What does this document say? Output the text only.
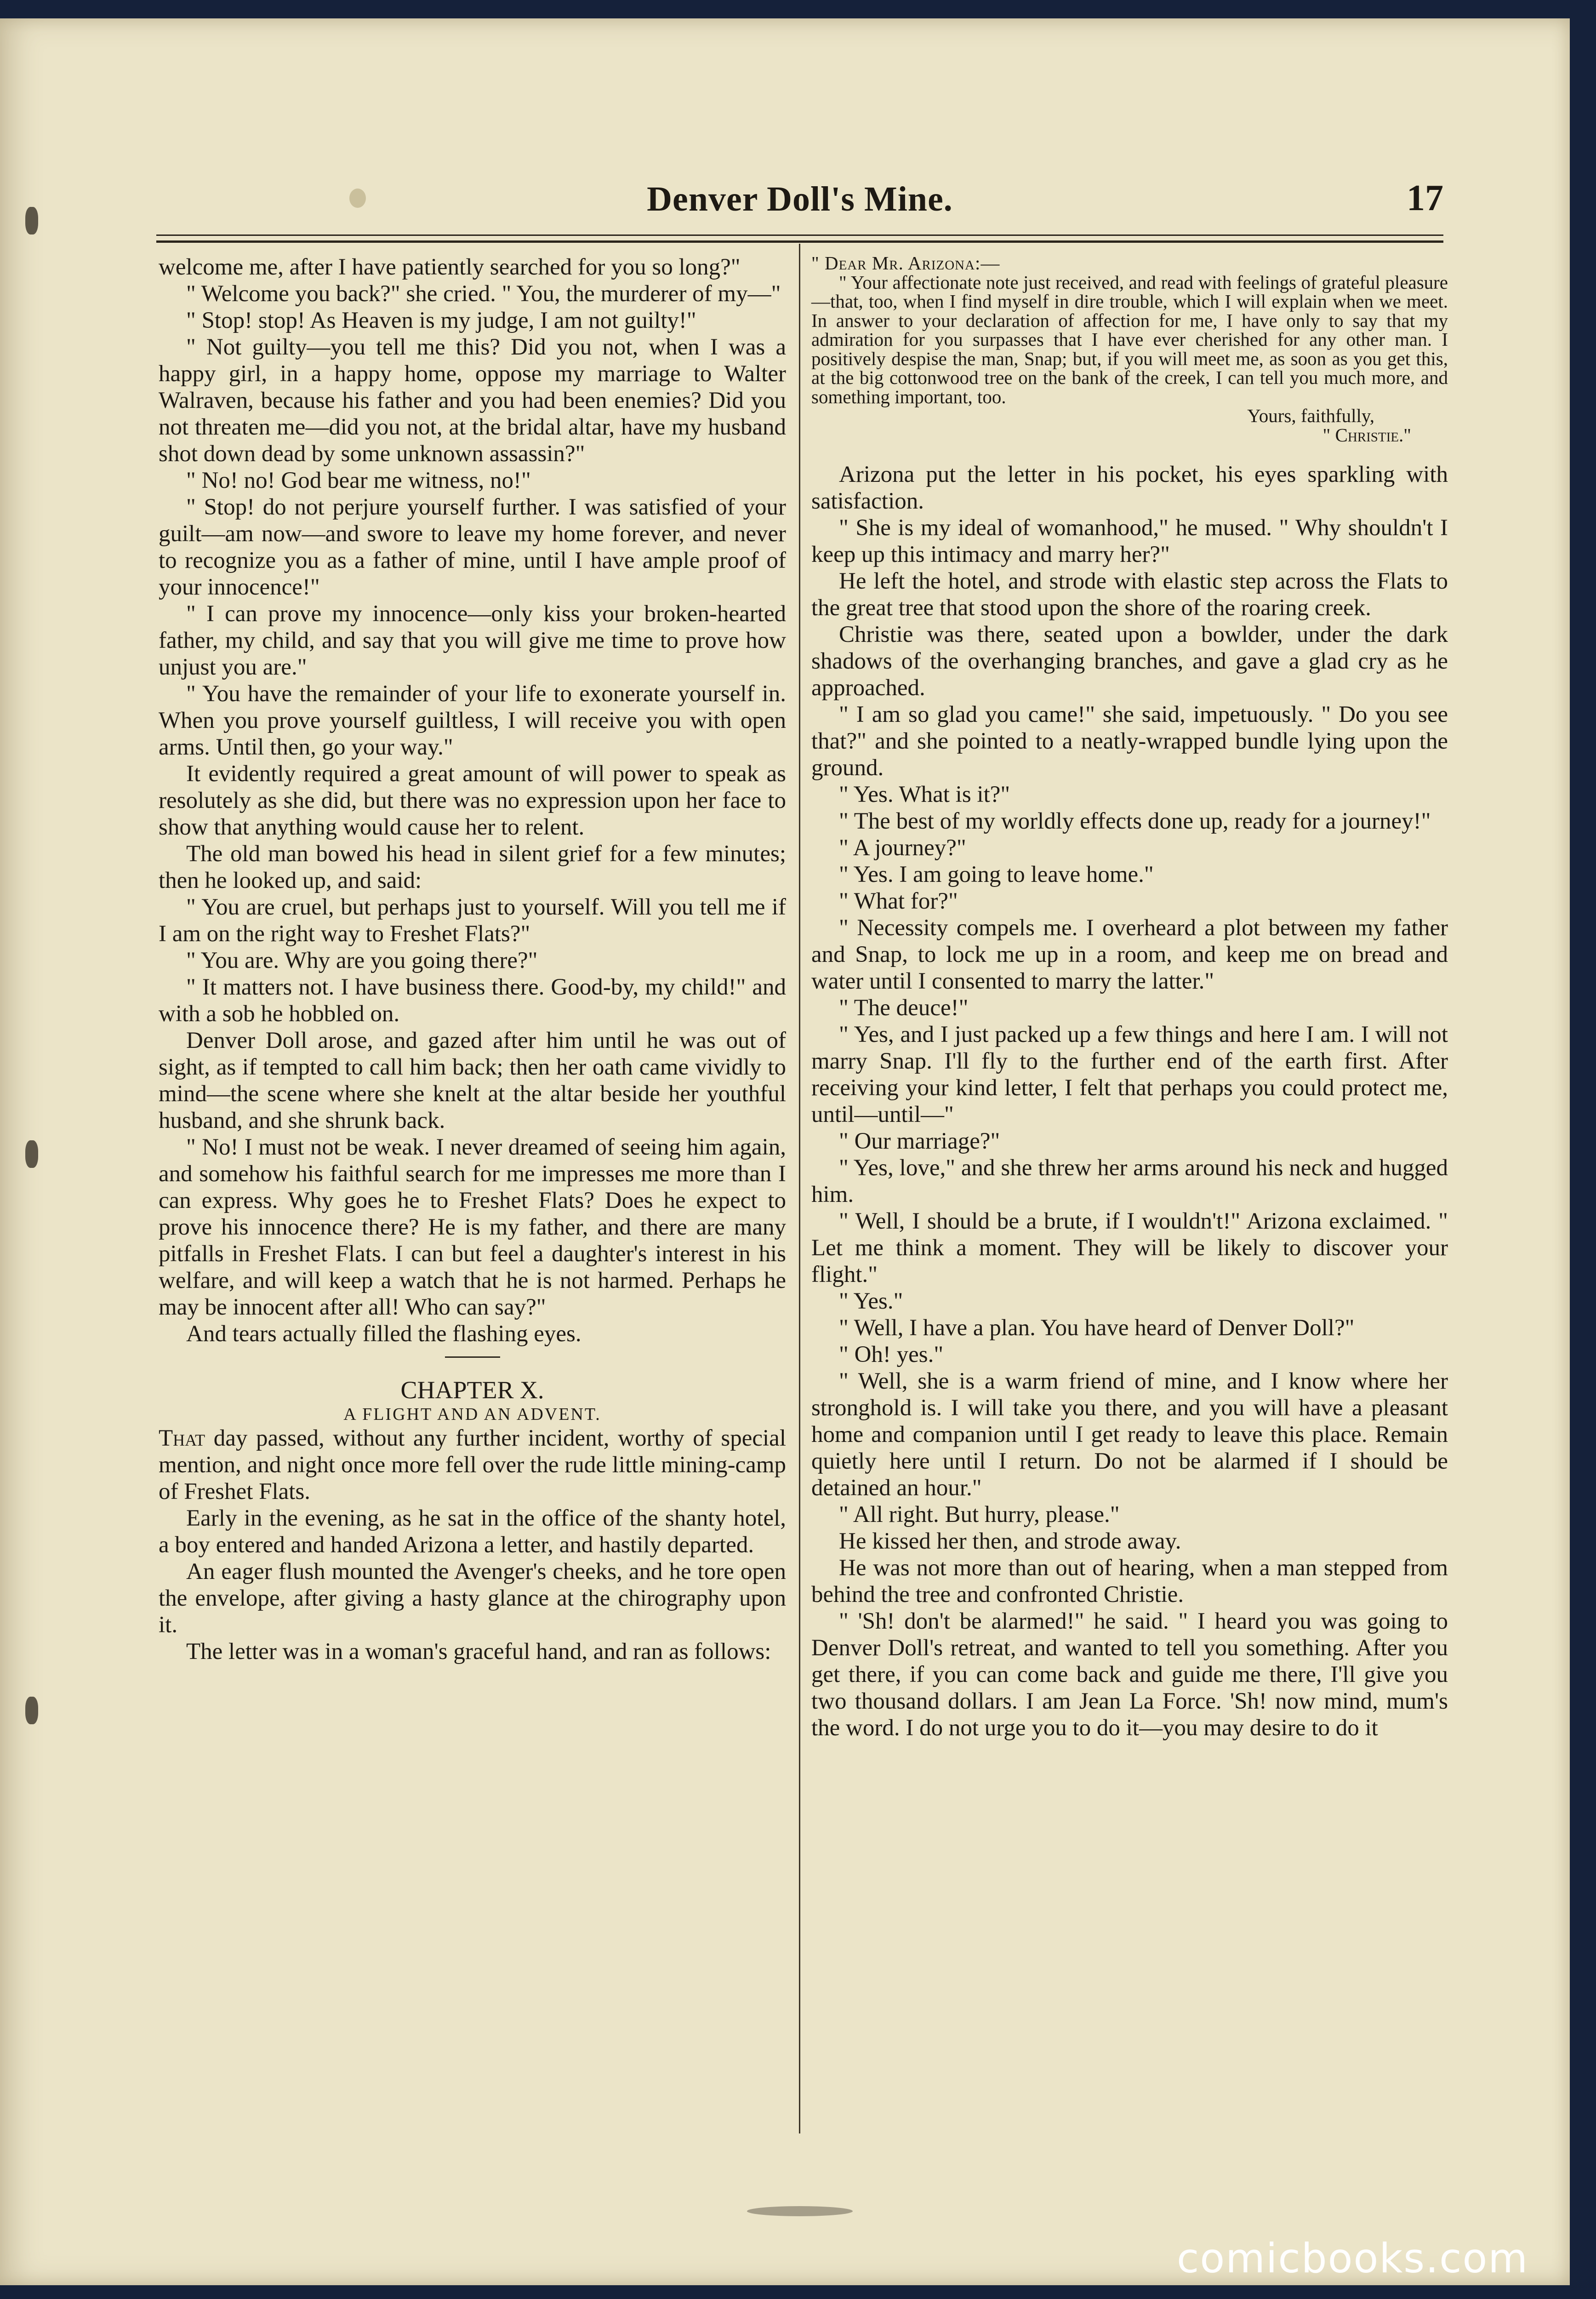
Denver Doll's Mine.	17

welcome me, after I have patiently searched for you so long?"

" Welcome you back?" she cried. " You, the murderer of my—"

" Stop! stop! As Heaven is my judge, I am not guilty!"

" Not guilty—you tell me this? Did you not, when I was a happy girl, in a happy home, oppose my marriage to Walter Walraven, because his father and you had been enemies? Did you not threaten me—did you not, at the bridal altar, have my husband shot down dead by some unknown assassin?"

" No! no! God bear me witness, no!"

" Stop! do not perjure yourself further. I was satisfied of your guilt—am now—and swore to leave my home forever, and never to recognize you as a father of mine, until I have ample proof of your innocence!"

" I can prove my innocence—only kiss your broken-hearted father, my child, and say that you will give me time to prove how unjust you are."

" You have the remainder of your life to exonerate yourself in. When you prove yourself guiltless, I will receive you with open arms. Until then, go your way."

It evidently required a great amount of will power to speak as resolutely as she did, but there was no expression upon her face to show that anything would cause her to relent.

The old man bowed his head in silent grief for a few minutes; then he looked up, and said:

" You are cruel, but perhaps just to yourself. Will you tell me if I am on the right way to Freshet Flats?"

" You are. Why are you going there?"

" It matters not. I have business there. Good-by, my child!" and with a sob he hobbled on.

Denver Doll arose, and gazed after him until he was out of sight, as if tempted to call him back; then her oath came vividly to mind—the scene where she knelt at the altar beside her youthful husband, and she shrunk back.

" No! I must not be weak. I never dreamed of seeing him again, and somehow his faithful search for me impresses me more than I can express. Why goes he to Freshet Flats? Does he expect to prove his innocence there? He is my father, and there are many pitfalls in Freshet Flats. I can but feel a daughter's interest in his welfare, and will keep a watch that he is not harmed. Perhaps he may be innocent after all! Who can say?"

And tears actually filled the flashing eyes.

CHAPTER X.
A FLIGHT AND AN ADVENT.

That day passed, without any further incident, worthy of special mention, and night once more fell over the rude little mining-camp of Freshet Flats.

Early in the evening, as he sat in the office of the shanty hotel, a boy entered and handed Arizona a letter, and hastily departed.

An eager flush mounted the Avenger's cheeks, and he tore open the envelope, after giving a hasty glance at the chirography upon it.

The letter was in a woman's graceful hand, and ran as follows:

" Dear Mr. Arizona:—

" Your affectionate note just received, and read with feelings of grateful pleasure—that, too, when I find myself in dire trouble, which I will explain when we meet. In answer to your declaration of affection for me, I have only to say that my admiration for you surpasses that I have ever cherished for any other man. I positively despise the man, Snap; but, if you will meet me, as soon as you get this, at the big cottonwood tree on the bank of the creek, I can tell you much more, and something important, too.

Yours, faithfully,

" Christie."

Arizona put the letter in his pocket, his eyes sparkling with satisfaction.

" She is my ideal of womanhood," he mused. " Why shouldn't I keep up this intimacy and marry her?"

He left the hotel, and strode with elastic step across the Flats to the great tree that stood upon the shore of the roaring creek.

Christie was there, seated upon a bowlder, under the dark shadows of the overhanging branches, and gave a glad cry as he approached.

" I am so glad you came!" she said, impetuously. " Do you see that?" and she pointed to a neatly-wrapped bundle lying upon the ground.

" Yes. What is it?"

" The best of my worldly effects done up, ready for a journey!"

" A journey?"

" Yes. I am going to leave home."

" What for?"

" Necessity compels me. I overheard a plot between my father and Snap, to lock me up in a room, and keep me on bread and water until I consented to marry the latter."

" The deuce!"

" Yes, and I just packed up a few things and here I am. I will not marry Snap. I'll fly to the further end of the earth first. After receiving your kind letter, I felt that perhaps you could protect me, until—until—"

" Our marriage?"

" Yes, love," and she threw her arms around his neck and hugged him.

" Well, I should be a brute, if I wouldn't!" Arizona exclaimed. " Let me think a moment. They will be likely to discover your flight."

" Yes."

" Well, I have a plan. You have heard of Denver Doll?"

" Oh! yes."

" Well, she is a warm friend of mine, and I know where her stronghold is. I will take you there, and you will have a pleasant home and companion until I get ready to leave this place. Remain quietly here until I return. Do not be alarmed if I should be detained an hour."

" All right. But hurry, please."

He kissed her then, and strode away.

He was not more than out of hearing, when a man stepped from behind the tree and confronted Christie.

" 'Sh! don't be alarmed!" he said. " I heard you was going to Denver Doll's retreat, and wanted to tell you something. After you get there, if you can come back and guide me there, I'll give you two thousand dollars. I am Jean La Force. 'Sh! now mind, mum's the word. I do not urge you to do it—you may desire to do it

comicbooks.com
